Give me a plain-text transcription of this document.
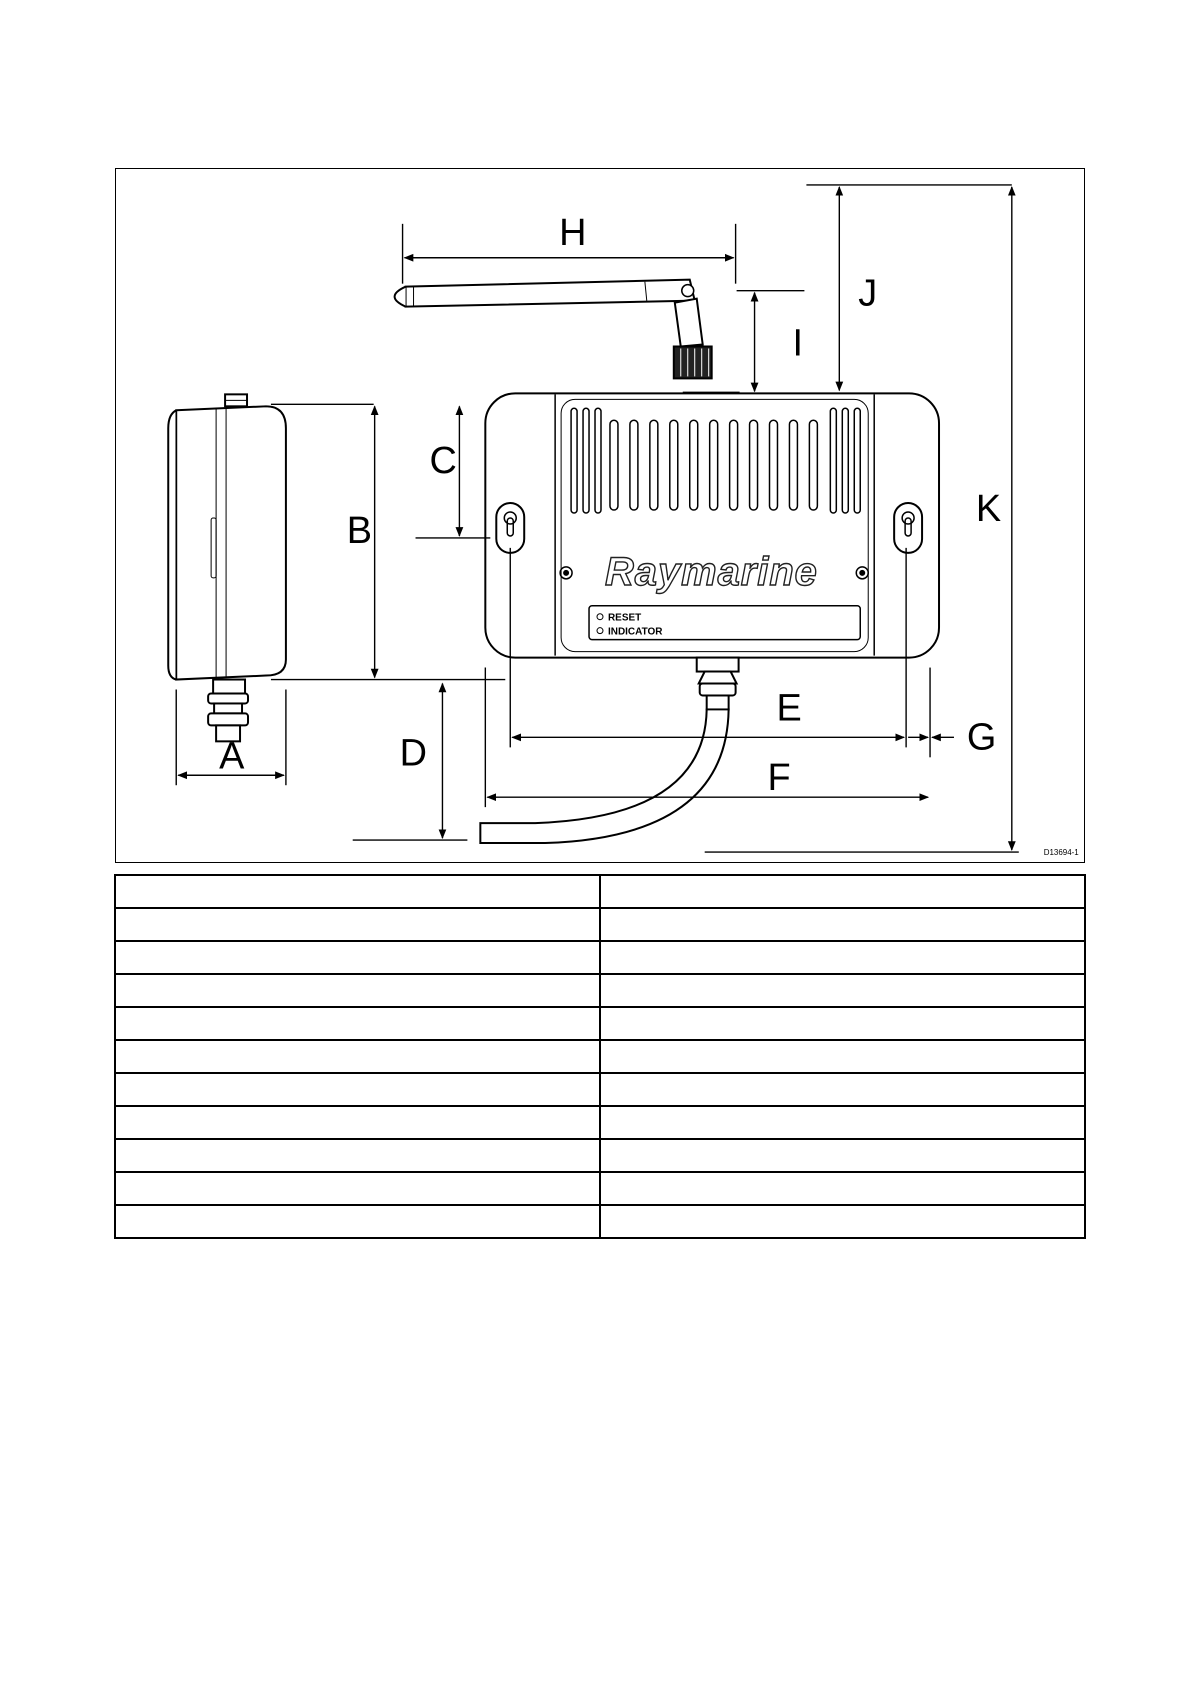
A
B
C
D
E
F
G
H
I
J
K
Raymarine
RESET
INDICATOR
D13694-1
